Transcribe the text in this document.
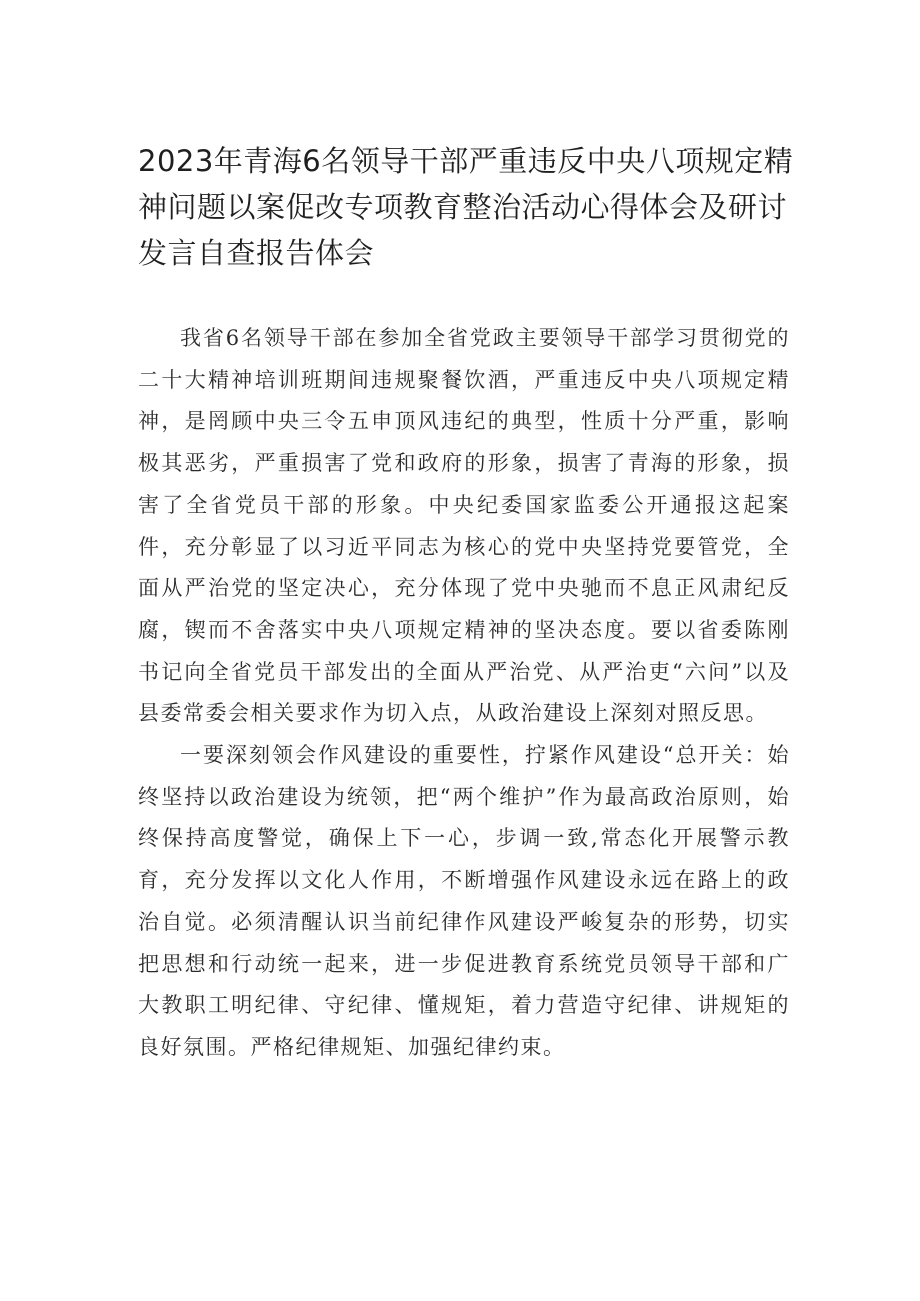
2023年青海6名领导干部严重违反中央八项规定精神问题以案促改专项教育整治活动心得体会及研讨发言自查报告体会

我省6名领导干部在参加全省党政主要领导干部学习贯彻党的二十大精神培训班期间违规聚餐饮酒，严重违反中央八项规定精神，是罔顾中央三令五申顶风违纪的典型，性质十分严重，影响极其恶劣，严重损害了党和政府的形象，损害了青海的形象，损害了全省党员干部的形象。中央纪委国家监委公开通报这起案件，充分彰显了以习近平同志为核心的党中央坚持党要管党，全面从严治党的坚定决心，充分体现了党中央驰而不息正风肃纪反腐，锲而不舍落实中央八项规定精神的坚决态度。要以省委陈刚书记向全省党员干部发出的全面从严治党、从严治吏“六问”以及县委常委会相关要求作为切入点，从政治建设上深刻对照反思。

一要深刻领会作风建设的重要性，拧紧作风建设“总开关：始终坚持以政治建设为统领，把“两个维护”作为最高政治原则，始终保持高度警觉，确保上下一心，步调一致,常态化开展警示教育，充分发挥以文化人作用，不断增强作风建设永远在路上的政治自觉。必须清醒认识当前纪律作风建设严峻复杂的形势，切实把思想和行动统一起来，进一步促进教育系统党员领导干部和广大教职工明纪律、守纪律、懂规矩，着力营造守纪律、讲规矩的良好氛围。严格纪律规矩、加强纪律约束。
